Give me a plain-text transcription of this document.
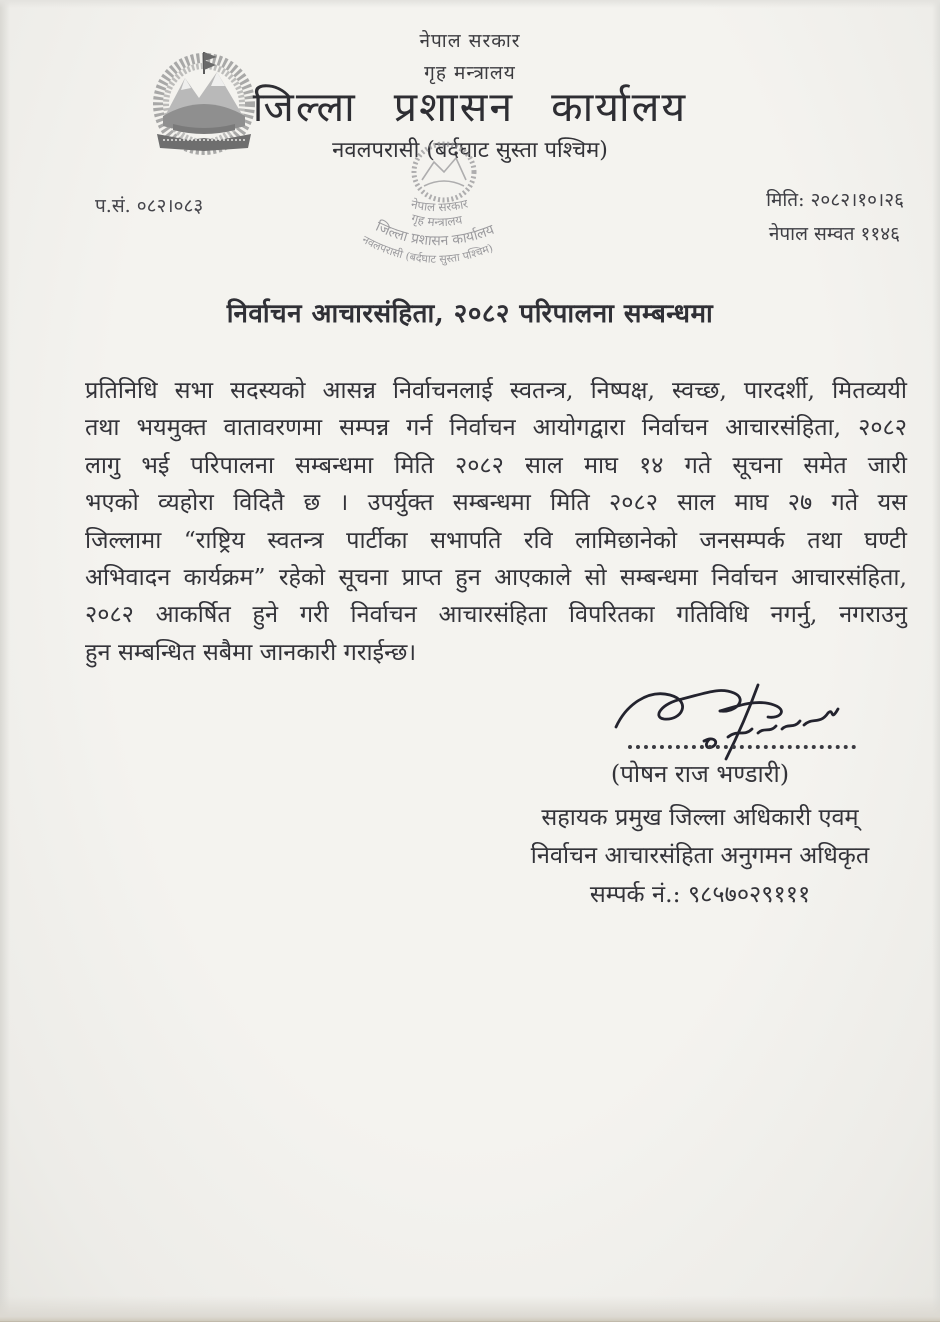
नेपाल सरकार
गृह मन्त्रालय
जिल्ला प्रशासन कार्यालय
नवलपरासी (बर्दघाट सुस्ता पश्चिम)
प.सं. ०८२।०८३	मिति: २०८२।१०।२६
नेपाल सम्वत ११४६
नेपाल सरकार
गृह मन्त्रालय
जिल्ला प्रशासन कार्यालय
नवलपरासी (बर्दघाट सुस्ता पश्चिम)
निर्वाचन आचारसंहिता, २०८२ परिपालना सम्बन्धमा
प्रतिनिधि सभा सदस्यको आसन्न निर्वाचनलाई स्वतन्त्र, निष्पक्ष, स्वच्छ, पारदर्शी, मितव्ययी
तथा भयमुक्त वातावरणमा सम्पन्न गर्न निर्वाचन आयोगद्वारा निर्वाचन आचारसंहिता, २०८२
लागु भई परिपालना सम्बन्धमा मिति २०८२ साल माघ १४ गते सूचना समेत जारी
भएको व्यहोरा विदितै छ । उपर्युक्त सम्बन्धमा मिति २०८२ साल माघ २७ गते यस
जिल्लामा “राष्ट्रिय स्वतन्त्र पार्टीका सभापति रवि लामिछानेको जनसम्पर्क तथा घण्टी
अभिवादन कार्यक्रम” रहेको सूचना प्राप्त हुन आएकाले सो सम्बन्धमा निर्वाचन आचारसंहिता,
२०८२ आकर्षित हुने गरी निर्वाचन आचारसंहिता विपरितका गतिविधि नगर्नु, नगराउनु
हुन सम्बन्धित सबैमा जानकारी गराईन्छ।
(पोषन राज भण्डारी)
सहायक प्रमुख जिल्ला अधिकारी एवम्
निर्वाचन आचारसंहिता अनुगमन अधिकृत
सम्पर्क नं.: ९८५७०२९१११
